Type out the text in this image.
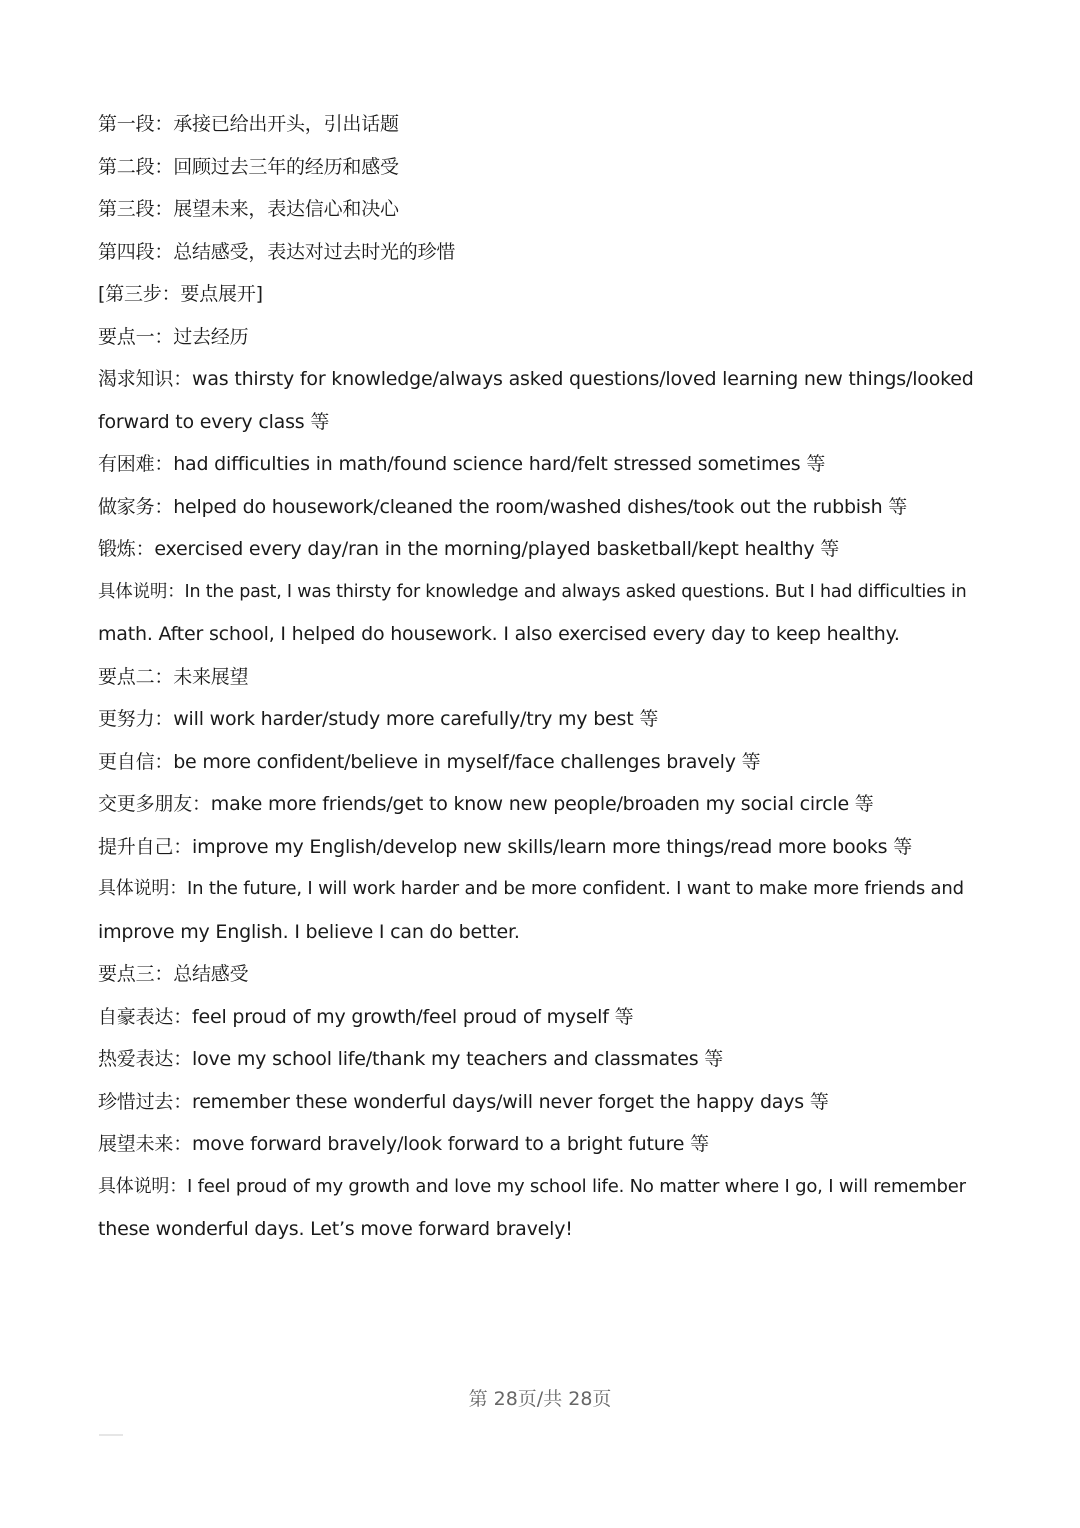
第一段：承接已给出开头，引出话题
第二段：回顾过去三年的经历和感受
第三段：展望未来，表达信心和决心
第四段：总结感受，表达对过去时光的珍惜
[第三步：要点展开]
要点一：过去经历
渴求知识：was thirsty for knowledge/always asked questions/loved learning new things/looked
forward to every class 等
有困难：had difficulties in math/found science hard/felt stressed sometimes 等
做家务：helped do housework/cleaned the room/washed dishes/took out the rubbish 等
锻炼：exercised every day/ran in the morning/played basketball/kept healthy 等
具体说明：In the past, I was thirsty for knowledge and always asked questions. But I had difficulties in
math. After school, I helped do housework. I also exercised every day to keep healthy.
要点二：未来展望
更努力：will work harder/study more carefully/try my best 等
更自信：be more confident/believe in myself/face challenges bravely 等
交更多朋友：make more friends/get to know new people/broaden my social circle 等
提升自己：improve my English/develop new skills/learn more things/read more books 等
具体说明：In the future, I will work harder and be more confident. I want to make more friends and
improve my English. I believe I can do better.
要点三：总结感受
自豪表达：feel proud of my growth/feel proud of myself 等
热爱表达：love my school life/thank my teachers and classmates 等
珍惜过去：remember these wonderful days/will never forget the happy days 等
展望未来：move forward bravely/look forward to a bright future 等
具体说明：I feel proud of my growth and love my school life. No matter where I go, I will remember
these wonderful days. Let’s move forward bravely!
第 28页/共 28页
